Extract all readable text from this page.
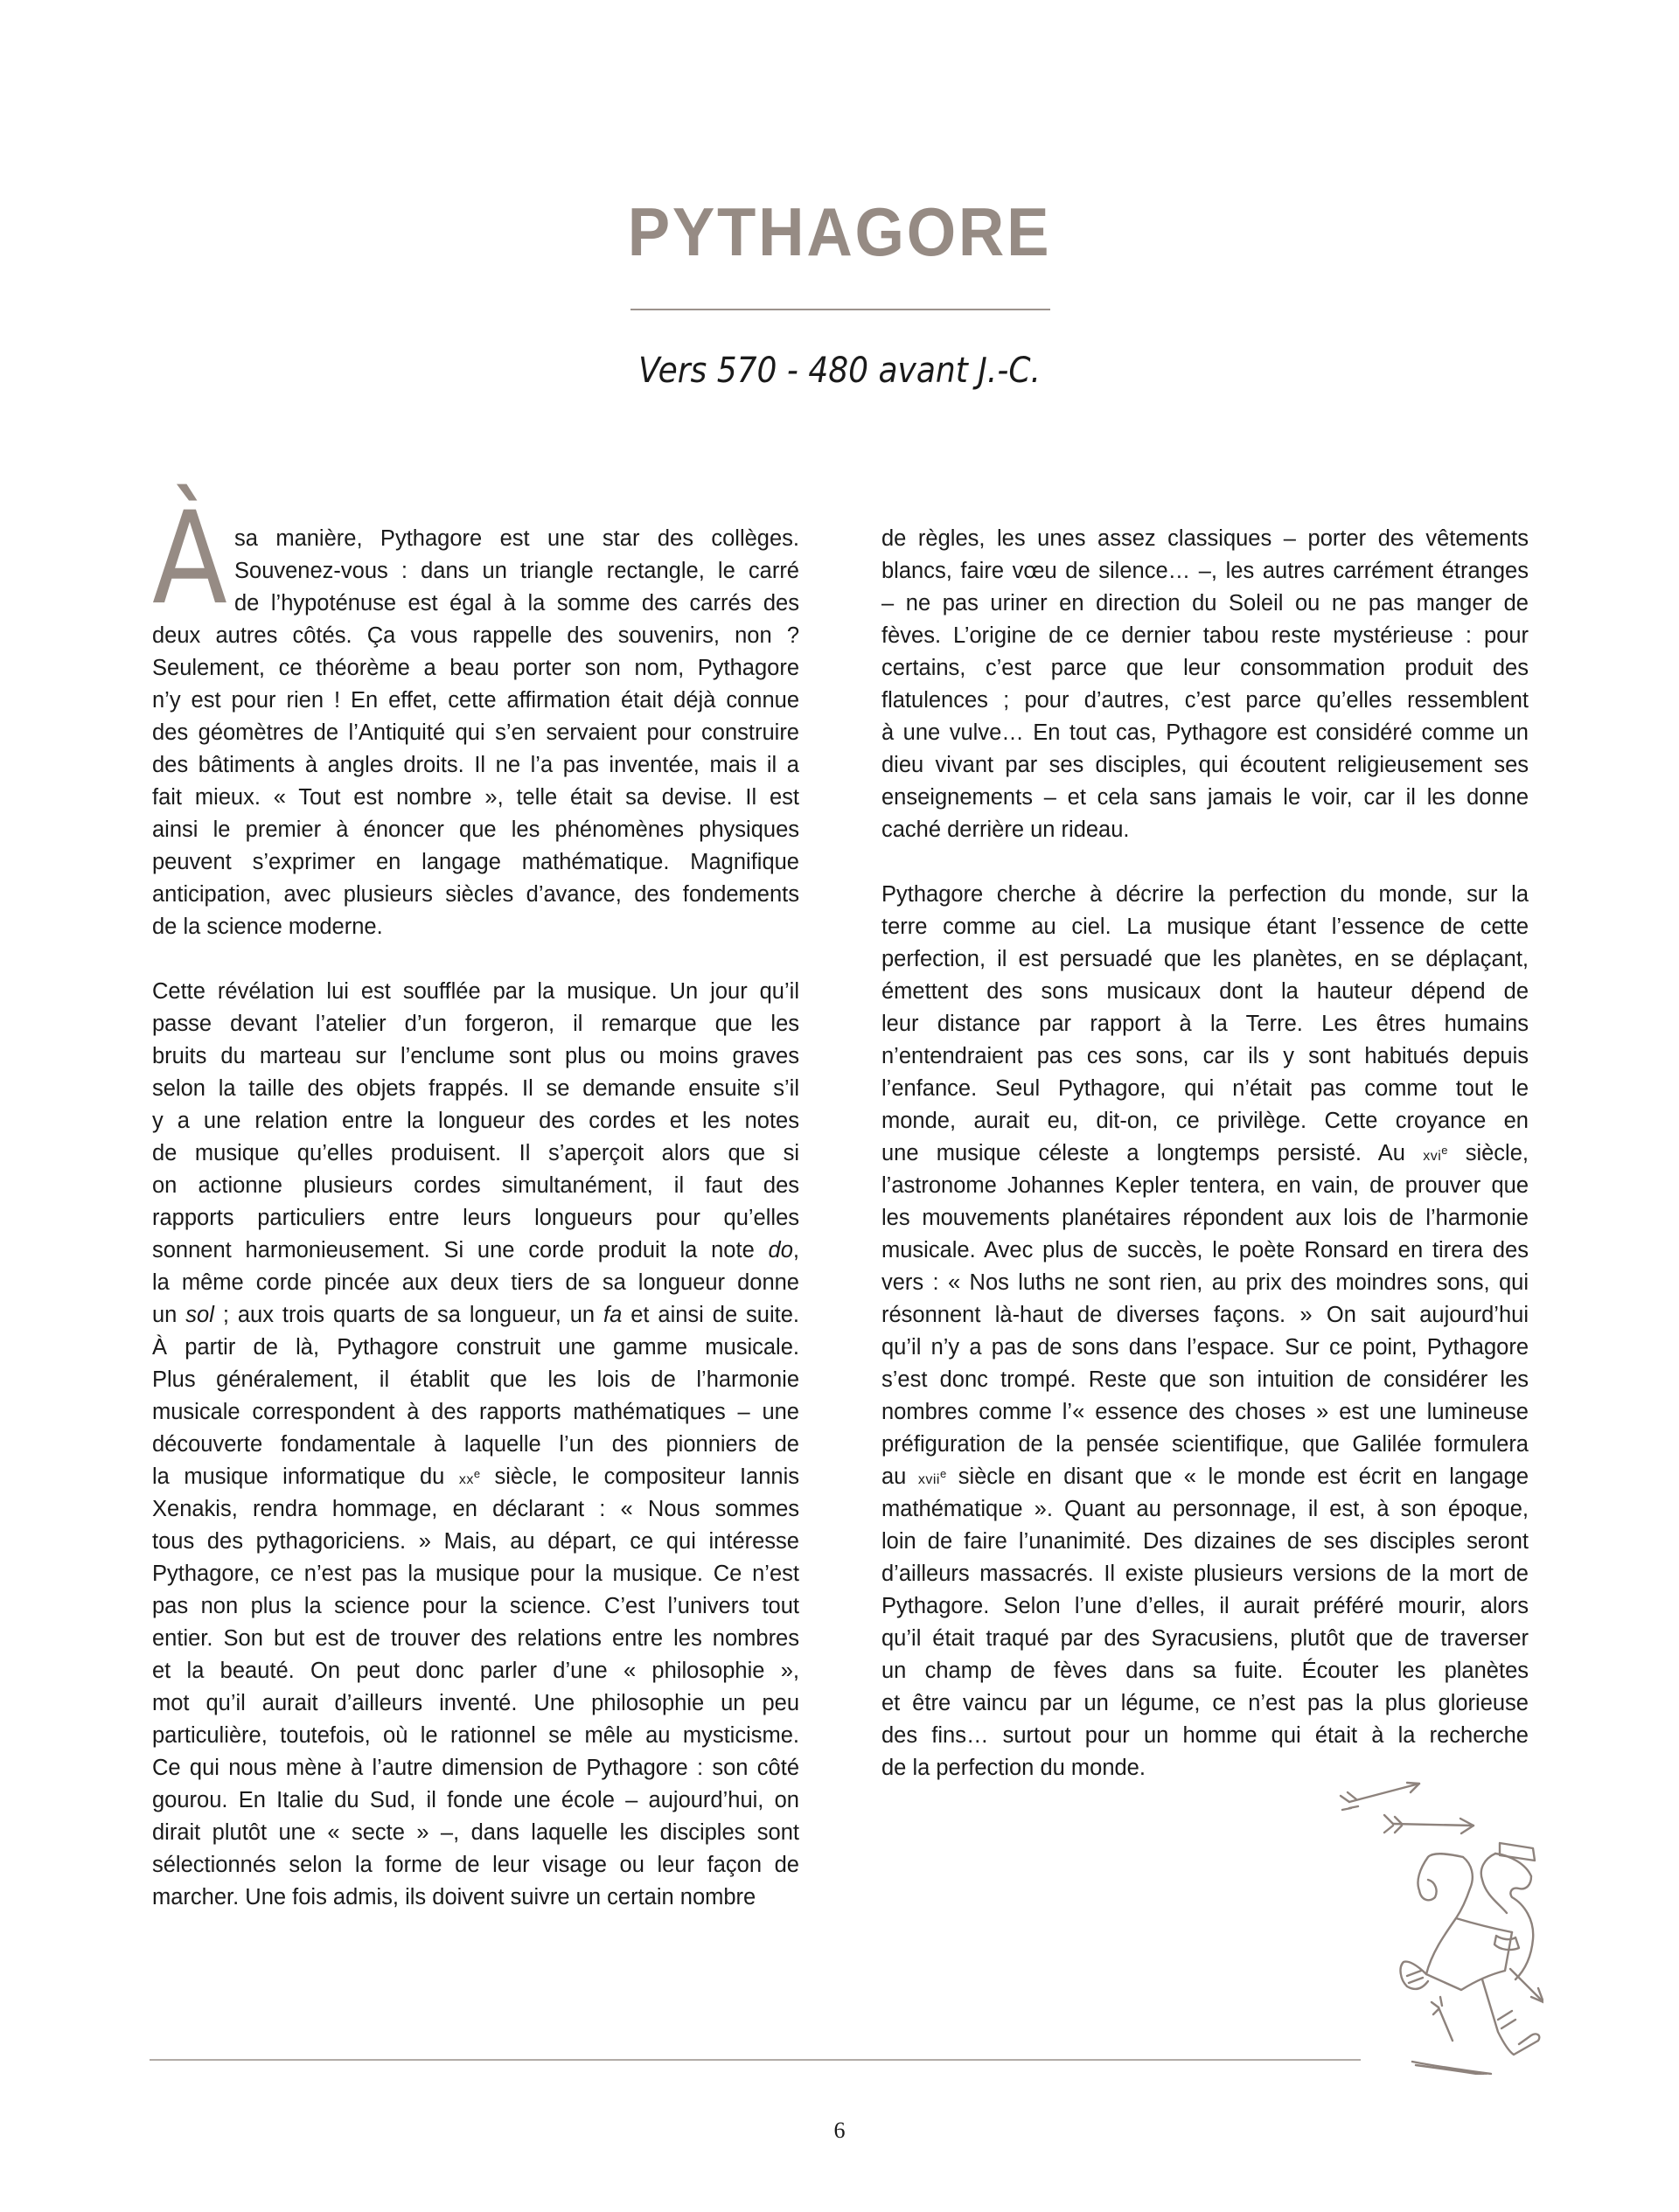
PYTHAGORE
Vers 570 - 480 avant J.-C.
À sa manière, Pythagore est une star des collèges.
Souvenez-vous : dans un triangle rectangle, le carré
de l’hypoténuse est égal à la somme des carrés des
deux autres côtés. Ça vous rappelle des souvenirs, non ?
Seulement, ce théorème a beau porter son nom, Pythagore
n’y est pour rien ! En effet, cette affirmation était déjà connue
des géomètres de l’Antiquité qui s’en servaient pour construire
des bâtiments à angles droits. Il ne l’a pas inventée, mais il a
fait mieux. « Tout est nombre », telle était sa devise. Il est
ainsi le premier à énoncer que les phénomènes physiques
peuvent s’exprimer en langage mathématique. Magnifique
anticipation, avec plusieurs siècles d’avance, des fondements
de la science moderne.
Cette révélation lui est soufflée par la musique. Un jour qu’il
passe devant l’atelier d’un forgeron, il remarque que les
bruits du marteau sur l’enclume sont plus ou moins graves
selon la taille des objets frappés. Il se demande ensuite s’il
y a une relation entre la longueur des cordes et les notes
de musique qu’elles produisent. Il s’aperçoit alors que si
on actionne plusieurs cordes simultanément, il faut des
rapports particuliers entre leurs longueurs pour qu’elles
sonnent harmonieusement. Si une corde produit la note do,
la même corde pincée aux deux tiers de sa longueur donne
un sol ; aux trois quarts de sa longueur, un fa et ainsi de suite.
À partir de là, Pythagore construit une gamme musicale.
Plus généralement, il établit que les lois de l’harmonie
musicale correspondent à des rapports mathématiques – une
découverte fondamentale à laquelle l’un des pionniers de
la musique informatique du $xx^e$ siècle, le compositeur Iannis
Xenakis, rendra hommage, en déclarant : « Nous sommes
tous des pythagoriciens. » Mais, au départ, ce qui intéresse
Pythagore, ce n’est pas la musique pour la musique. Ce n’est
pas non plus la science pour la science. C’est l’univers tout
entier. Son but est de trouver des relations entre les nombres
et la beauté. On peut donc parler d’une « philosophie »,
mot qu’il aurait d’ailleurs inventé. Une philosophie un peu
particulière, toutefois, où le rationnel se mêle au mysticisme.
Ce qui nous mène à l’autre dimension de Pythagore : son côté
gourou. En Italie du Sud, il fonde une école – aujourd’hui, on
dirait plutôt une « secte » –, dans laquelle les disciples sont
sélectionnés selon la forme de leur visage ou leur façon de
marcher. Une fois admis, ils doivent suivre un certain nombre
de règles, les unes assez classiques – porter des vêtements
blancs, faire vœu de silence… –, les autres carrément étranges
– ne pas uriner en direction du Soleil ou ne pas manger de
fèves. L’origine de ce dernier tabou reste mystérieuse : pour
certains, c’est parce que leur consommation produit des
flatulences ; pour d’autres, c’est parce qu’elles ressemblent
à une vulve… En tout cas, Pythagore est considéré comme un
dieu vivant par ses disciples, qui écoutent religieusement ses
enseignements – et cela sans jamais le voir, car il les donne
caché derrière un rideau.
Pythagore cherche à décrire la perfection du monde, sur la
terre comme au ciel. La musique étant l’essence de cette
perfection, il est persuadé que les planètes, en se déplaçant,
émettent des sons musicaux dont la hauteur dépend de
leur distance par rapport à la Terre. Les êtres humains
n’entendraient pas ces sons, car ils y sont habitués depuis
l’enfance. Seul Pythagore, qui n’était pas comme tout le
monde, aurait eu, dit-on, ce privilège. Cette croyance en
une musique céleste a longtemps persisté. Au xvi$^e$ siècle,
l’astronome Johannes Kepler tentera, en vain, de prouver que
les mouvements planétaires répondent aux lois de l’harmonie
musicale. Avec plus de succès, le poète Ronsard en tirera des
vers : « Nos luths ne sont rien, au prix des moindres sons, qui
résonnent là-haut de diverses façons. » On sait aujourd’hui
qu’il n’y a pas de sons dans l’espace. Sur ce point, Pythagore
s’est donc trompé. Reste que son intuition de considérer les
nombres comme l’« essence des choses » est une lumineuse
préfiguration de la pensée scientifique, que Galilée formulera
au xvii$^e$ siècle en disant que « le monde est écrit en langage
mathématique ». Quant au personnage, il est, à son époque,
loin de faire l’unanimité. Des dizaines de ses disciples seront
d’ailleurs massacrés. Il existe plusieurs versions de la mort de
Pythagore. Selon l’une d’elles, il aurait préféré mourir, alors
qu’il était traqué par des Syracusiens, plutôt que de traverser
un champ de fèves dans sa fuite. Écouter les planètes
et être vaincu par un légume, ce n’est pas la plus glorieuse
des fins… surtout pour un homme qui était à la recherche
de la perfection du monde.
6
